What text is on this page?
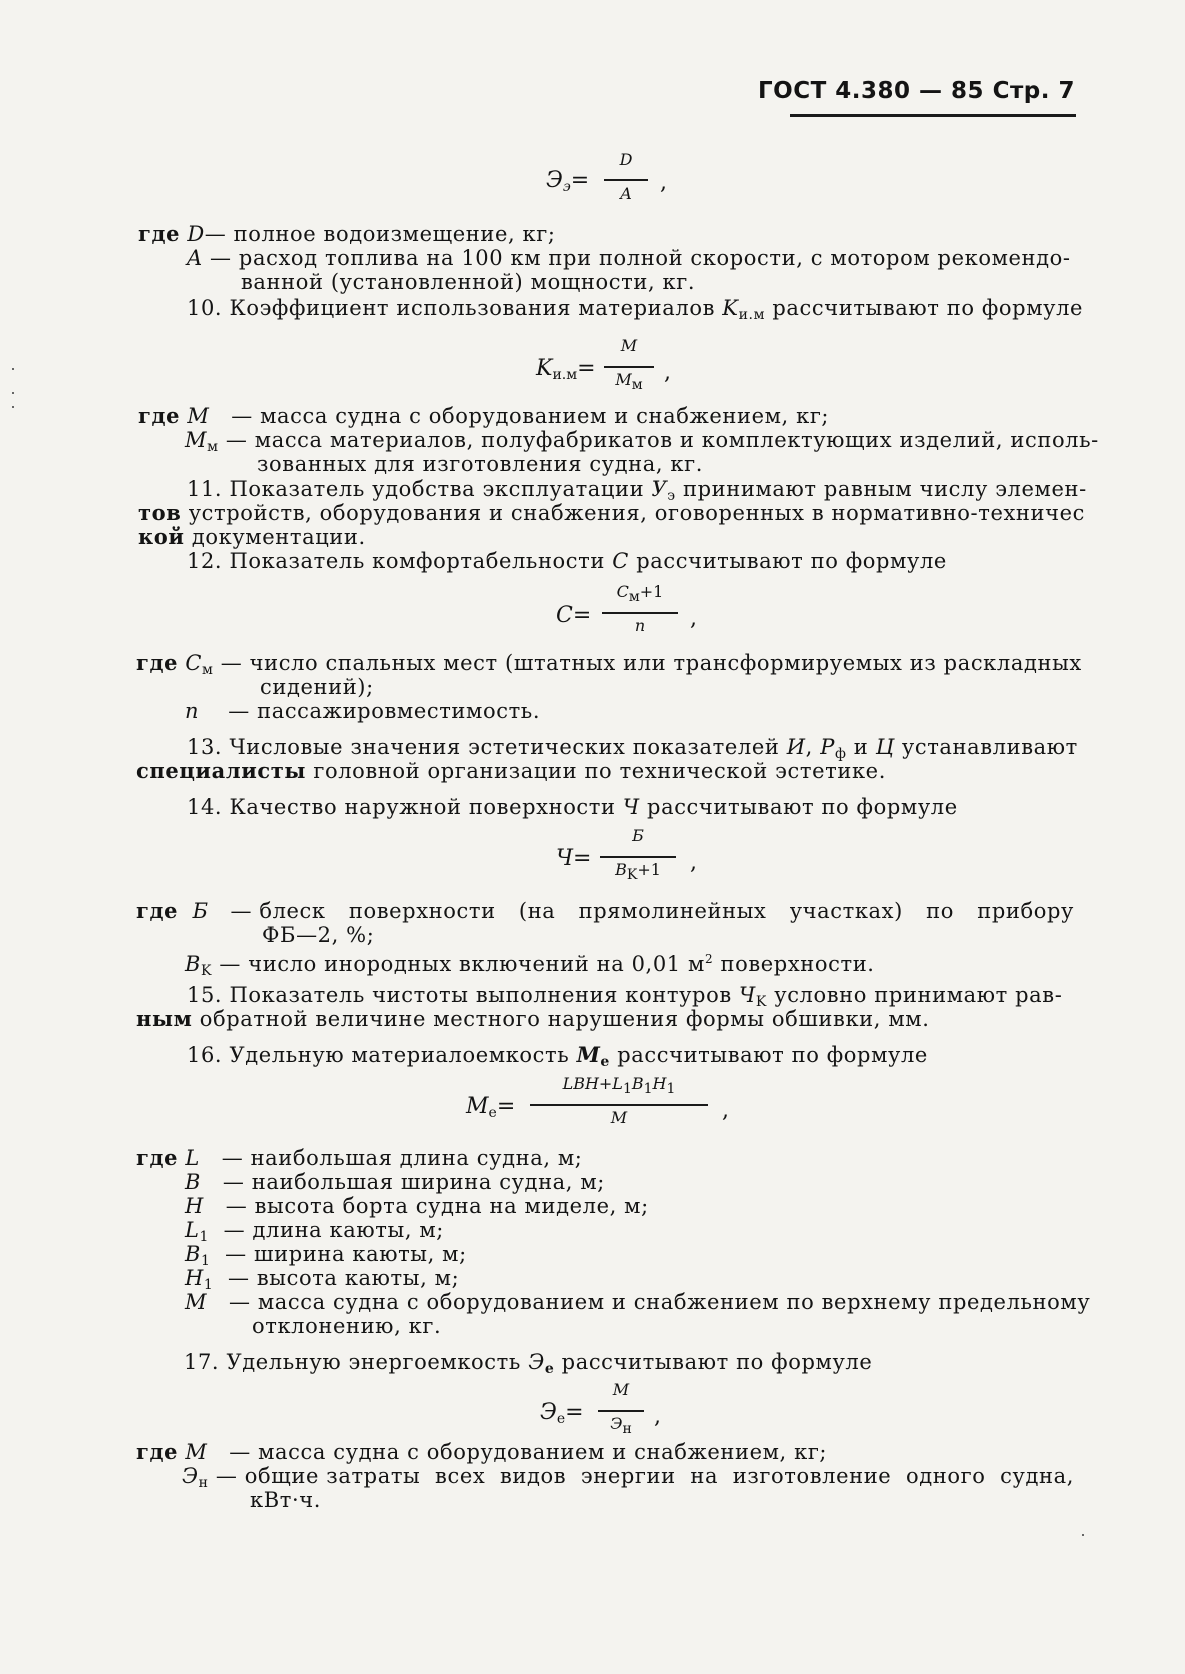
ГОСТ 4.380 — 85 Стр. 7
$Э_э=$
D
A	,
где D— полное водоизмещение, кг;
A
— расход топлива на 100 км при полной скорости, с мотором рекомендо-
ванной (установленной) мощности, кг.
10. Коэффициент использования материалов $K_{и.м}$ рассчитывают по формуле
$K_{и.м}=$
M
$M_м$ ,
где M — масса судна с оборудованием и снабжением, кг;
$M_м$ — масса материалов, полуфабрикатов и комплектующих изделий, исполь-
зованных для изготовления судна, кг.
11. Показатель удобства эксплуатации $У_э$ принимают равным числу элемен-
тов устройств, оборудования и снабжения, оговоренных в нормативно-техничес
кой документации.
12. Показатель комфортабельности C рассчитывают по формуле
C=
$C_м+1$
n	,
где $C_м$ — число спальных мест (штатных или трансформируемых из раскладных
сидений);
n — пассажировместимость.
13. Числовые значения эстетических показателей И, $P_ф$ и Ц устанавливают
специалисты головной организации по технической эстетике.
14. Качество наружной поверхности Ч рассчитывают по формуле
Ч=
Б
$B_K+1$	,
где Б — блеск поверхности (на прямолинейных участках) по прибору
ФБ—2, %;
$B_K$ — число инородных включений на 0,01 $м^2$ поверхности.
15. Показатель чистоты выполнения контуров $Ч_K$ условно принимают рав-
ным обратной величине местного нарушения формы обшивки, мм.
16. Удельную материалоемкость $M_e$ рассчитывают по формуле
$M_e=$
$LBH+L_1B_1H_1$
M	,
где L — наибольшая длина судна, м;
B — наибольшая ширина судна, м;
H — высота борта судна на миделе, м;
$L_1$ — длина каюты, м;
$B_1$ — ширина каюты, м;
$H_1$ — высота каюты, м;
M — масса судна с оборудованием и снабжением по верхнему предельному
отклонению, кг.
17. Удельную энергоемкость $Э_e$ рассчитывают по формуле
$Э_e=$
M
$Э_н$	,
где M — масса судна с оборудованием и снабжением, кг;
$Э_н$ — общие затраты всех видов энергии на изготовление одного судна,
кВт·ч.
